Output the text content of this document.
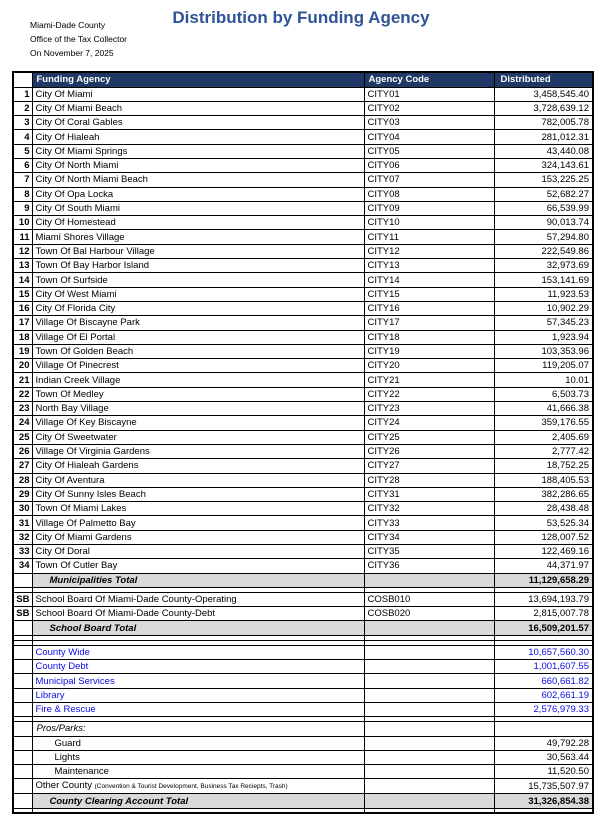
Miami-Dade County
Office of the Tax Collector
On November 7, 2025
Distribution by Funding Agency
	Funding Agency	Agency Code	Distributed
1	City Of Miami	CITY01	3,458,545.40
2	City Of Miami Beach	CITY02	3,728,639.12
3	City Of Coral Gables	CITY03	782,005.78
4	City Of Hialeah	CITY04	281,012.31
5	City Of Miami Springs	CITY05	43,440.08
6	City Of North Miami	CITY06	324,143.61
7	City Of North Miami Beach	CITY07	153,225.25
8	City Of Opa Locka	CITY08	52,682.27
9	City Of South Miami	CITY09	66,539.99
10	City Of Homestead	CITY10	90,013.74
11	Miami Shores Village	CITY11	57,294.80
12	Town Of Bal Harbour Village	CITY12	222,549.86
13	Town Of Bay Harbor Island	CITY13	32,973.69
14	Town Of Surfside	CITY14	153,141.69
15	City Of West Miami	CITY15	11,923.53
16	City Of Florida City	CITY16	10,902.29
17	Village Of Biscayne Park	CITY17	57,345.23
18	Village Of El Portal	CITY18	1,923.94
19	Town Of Golden Beach	CITY19	103,353.96
20	Village Of Pinecrest	CITY20	119,205.07
21	Indian Creek Village	CITY21	10.01
22	Town Of Medley	CITY22	6,503.73
23	North Bay Village	CITY23	41,666.38
24	Village Of Key Biscayne	CITY24	359,176.55
25	City Of Sweetwater	CITY25	2,405.69
26	Village Of Virginia Gardens	CITY26	2,777.42
27	City Of Hialeah Gardens	CITY27	18,752.25
28	City Of Aventura	CITY28	188,405.53
29	City Of Sunny Isles Beach	CITY31	382,286.65
30	Town Of Miami Lakes	CITY32	28,438.48
31	Village Of Palmetto Bay	CITY33	53,525.34
32	City Of Miami Gardens	CITY34	128,007.52
33	City Of Doral	CITY35	122,469.16
34	Town Of Cutler Bay	CITY36	44,371.97
	Municipalities Total		11,129,658.29

SB	School Board Of Miami-Dade County-Operating	COSB010	13,694,193.79
SB	School Board Of Miami-Dade County-Debt	COSB020	2,815,007.78
	School Board Total		16,509,201.57

	County Wide		10,657,560.30
	County Debt		1,001,607.55
	Municipal Services		660,661.82
	Library		602,661.19
	Fire & Rescue		2,576,979.33

	Pros/Parks:		
	Guard		49,792.28
	Lights		30,563.44
	Maintenance		11,520.50
	Other County (Convention & Tourist Development, Business Tax Reciepts, Trash)		15,735,507.97
	County Clearing Account Total		31,326,854.38
